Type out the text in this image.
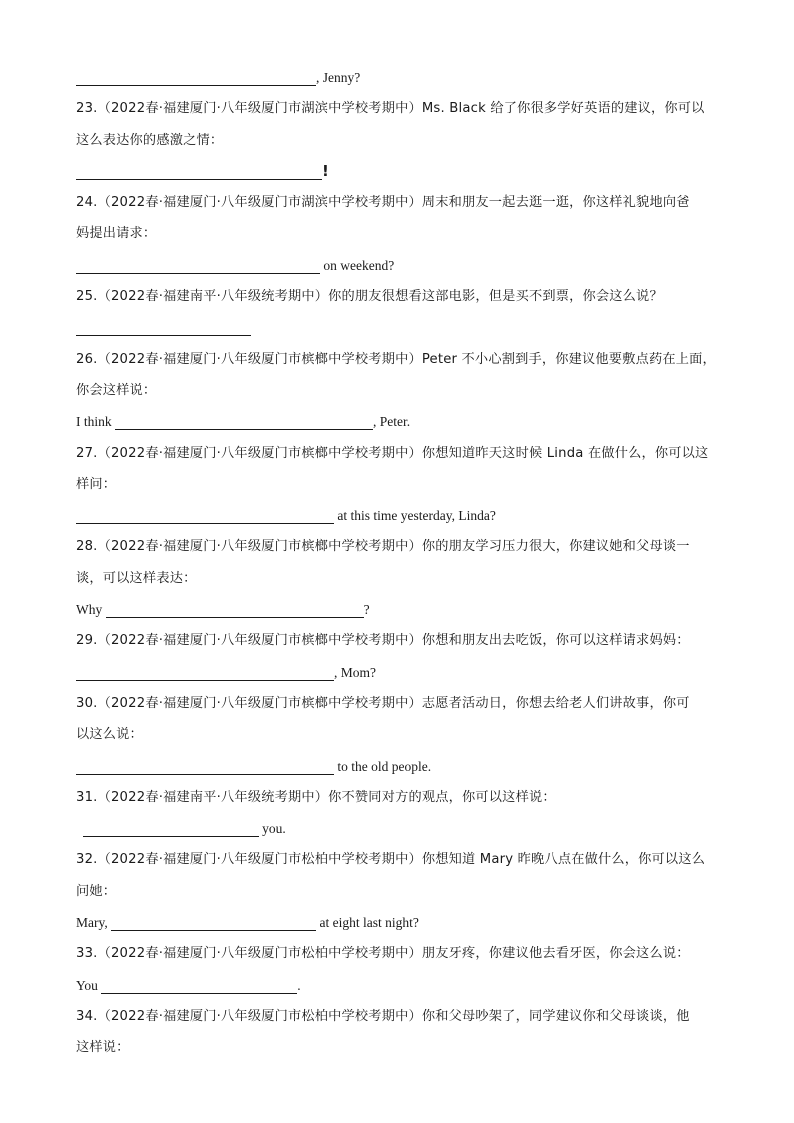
, Jenny?
23.（2022春·福建厦门·八年级厦门市湖滨中学校考期中）Ms. Black 给了你很多学好英语的建议，你可以
这么表达你的感激之情：
!
24.（2022春·福建厦门·八年级厦门市湖滨中学校考期中）周末和朋友一起去逛一逛，你这样礼貌地向爸
妈提出请求：
on weekend?
25.（2022春·福建南平·八年级统考期中）你的朋友很想看这部电影，但是买不到票，你会这么说？
26.（2022春·福建厦门·八年级厦门市槟榔中学校考期中）Peter 不小心割到手，你建议他要敷点药在上面，
你会这样说：
I think	, Peter.
27.（2022春·福建厦门·八年级厦门市槟榔中学校考期中）你想知道昨天这时候 Linda 在做什么，你可以这
样问：
at this time yesterday, Linda?
28.（2022春·福建厦门·八年级厦门市槟榔中学校考期中）你的朋友学习压力很大，你建议她和父母谈一
谈，可以这样表达：
Why	?
29.（2022春·福建厦门·八年级厦门市槟榔中学校考期中）你想和朋友出去吃饭，你可以这样请求妈妈：
, Mom?
30.（2022春·福建厦门·八年级厦门市槟榔中学校考期中）志愿者活动日，你想去给老人们讲故事，你可
以这么说：
to the old people.
31.（2022春·福建南平·八年级统考期中）你不赞同对方的观点，你可以这样说：
you.
32.（2022春·福建厦门·八年级厦门市松柏中学校考期中）你想知道 Mary 昨晚八点在做什么，你可以这么
问她：
Mary,	at eight last night?
33.（2022春·福建厦门·八年级厦门市松柏中学校考期中）朋友牙疼，你建议他去看牙医，你会这么说：
You	.
34.（2022春·福建厦门·八年级厦门市松柏中学校考期中）你和父母吵架了，同学建议你和父母谈谈，他
这样说：
